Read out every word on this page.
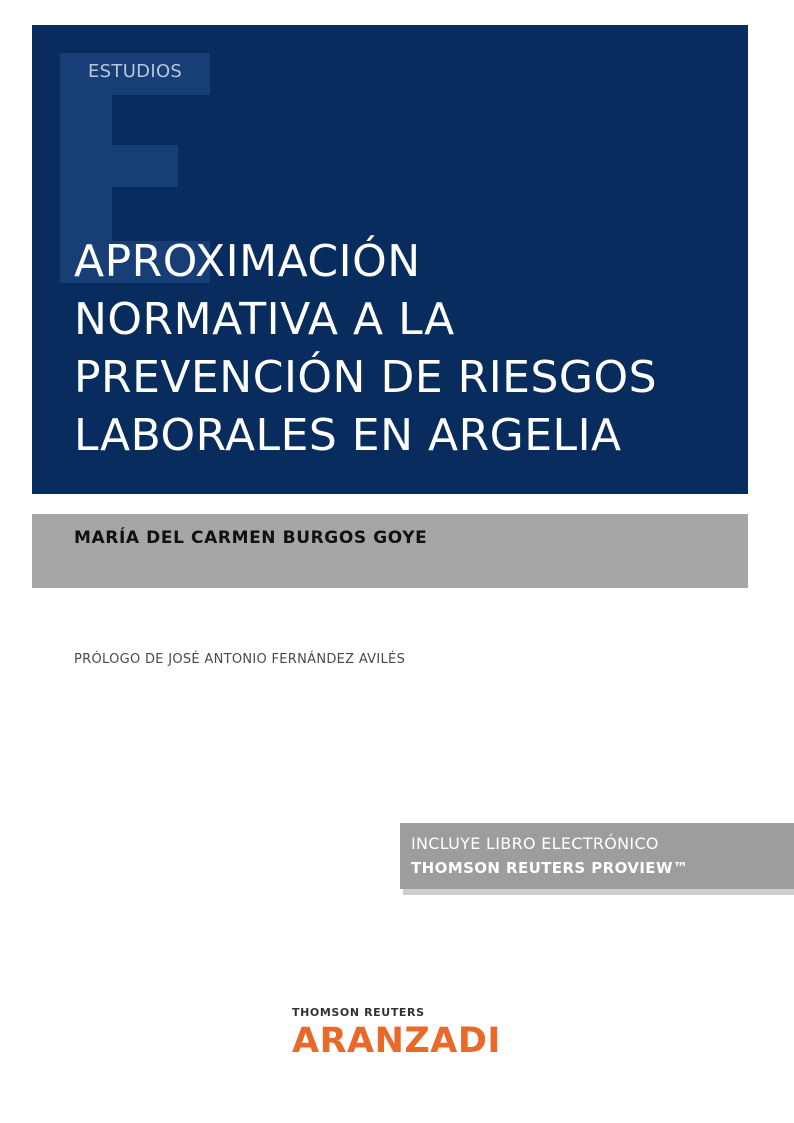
ESTUDIOS
APROXIMACIÓN
NORMATIVA A LA
PREVENCIÓN DE RIESGOS
LABORALES EN ARGELIA
MARÍA DEL CARMEN BURGOS GOYE
PRÓLOGO DE JOSÉ ANTONIO FERNÁNDEZ AVILÉS
INCLUYE LIBRO ELECTRÓNICO
THOMSON REUTERS PROVIEW™
THOMSON REUTERS
ARANZADI
